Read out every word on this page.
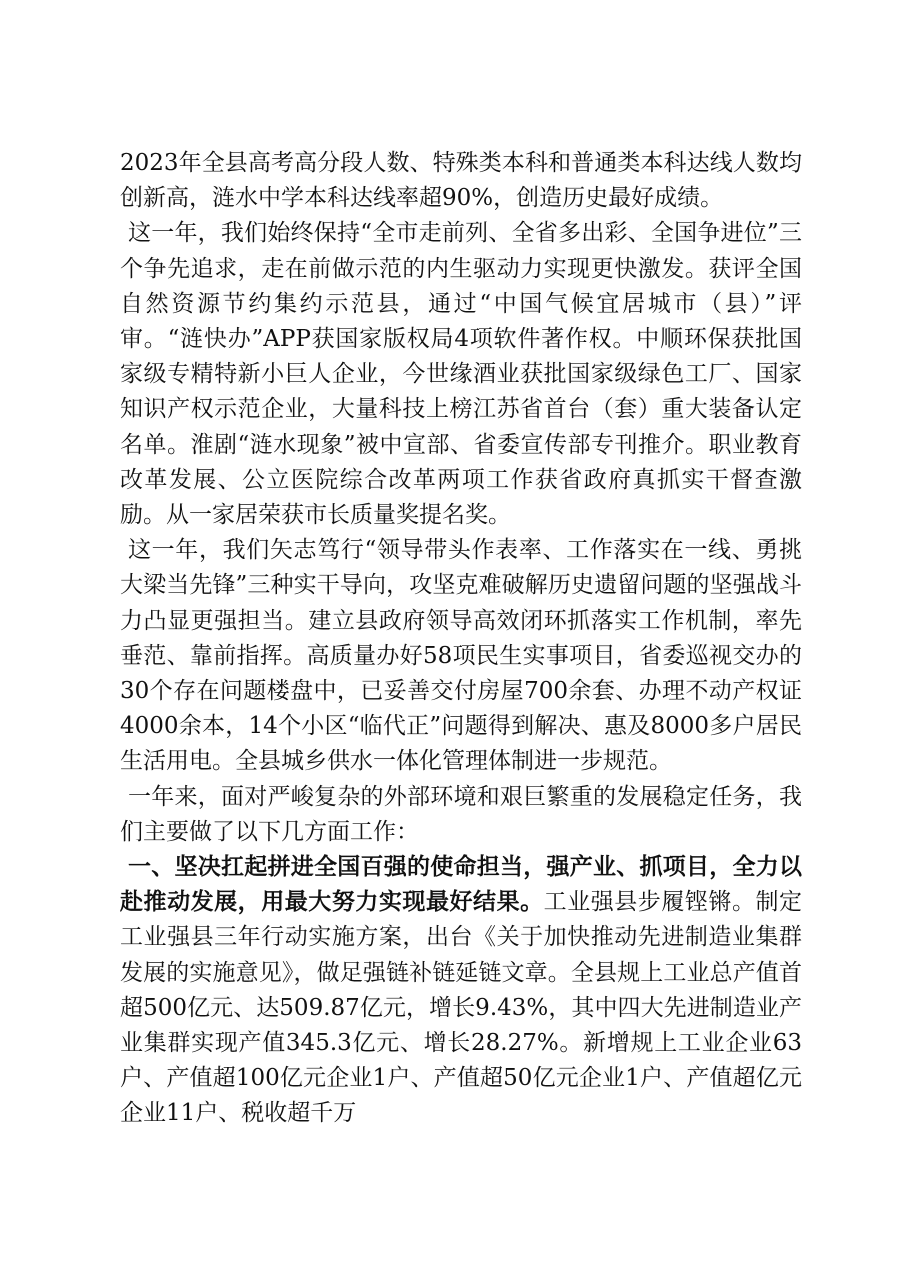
2023年全县高考高分段人数、特殊类本科和普通类本科达线人数均创新高，涟水中学本科达线率超90%，创造历史最好成绩。

这一年，我们始终保持“全市走前列、全省多出彩、全国争进位”三个争先追求，走在前做示范的内生驱动力实现更快激发。获评全国自然资源节约集约示范县，通过“中国气候宜居城市（县）”评审。“涟快办”APP获国家版权局4项软件著作权。中顺环保获批国家级专精特新小巨人企业，今世缘酒业获批国家级绿色工厂、国家知识产权示范企业，大量科技上榜江苏省首台（套）重大装备认定名单。淮剧“涟水现象”被中宣部、省委宣传部专刊推介。职业教育改革发展、公立医院综合改革两项工作获省政府真抓实干督查激励。从一家居荣获市长质量奖提名奖。

这一年，我们矢志笃行“领导带头作表率、工作落实在一线、勇挑大梁当先锋”三种实干导向，攻坚克难破解历史遗留问题的坚强战斗力凸显更强担当。建立县政府领导高效闭环抓落实工作机制，率先垂范、靠前指挥。高质量办好58项民生实事项目，省委巡视交办的30个存在问题楼盘中，已妥善交付房屋700余套、办理不动产权证4000余本，14个小区“临代正”问题得到解决、惠及8000多户居民生活用电。全县城乡供水一体化管理体制进一步规范。

一年来，面对严峻复杂的外部环境和艰巨繁重的发展稳定任务，我们主要做了以下几方面工作：

一、坚决扛起拼进全国百强的使命担当，强产业、抓项目，全力以赴推动发展，用最大努力实现最好结果。工业强县步履铿锵。制定工业强县三年行动实施方案，出台《关于加快推动先进制造业集群发展的实施意见》，做足强链补链延链文章。全县规上工业总产值首超500亿元、达509.87亿元，增长9.43%，其中四大先进制造业产业集群实现产值345.3亿元、增长28.27%。新增规上工业企业63户、产值超100亿元企业1户、产值超50亿元企业1户、产值超亿元企业11户、税收超千万
